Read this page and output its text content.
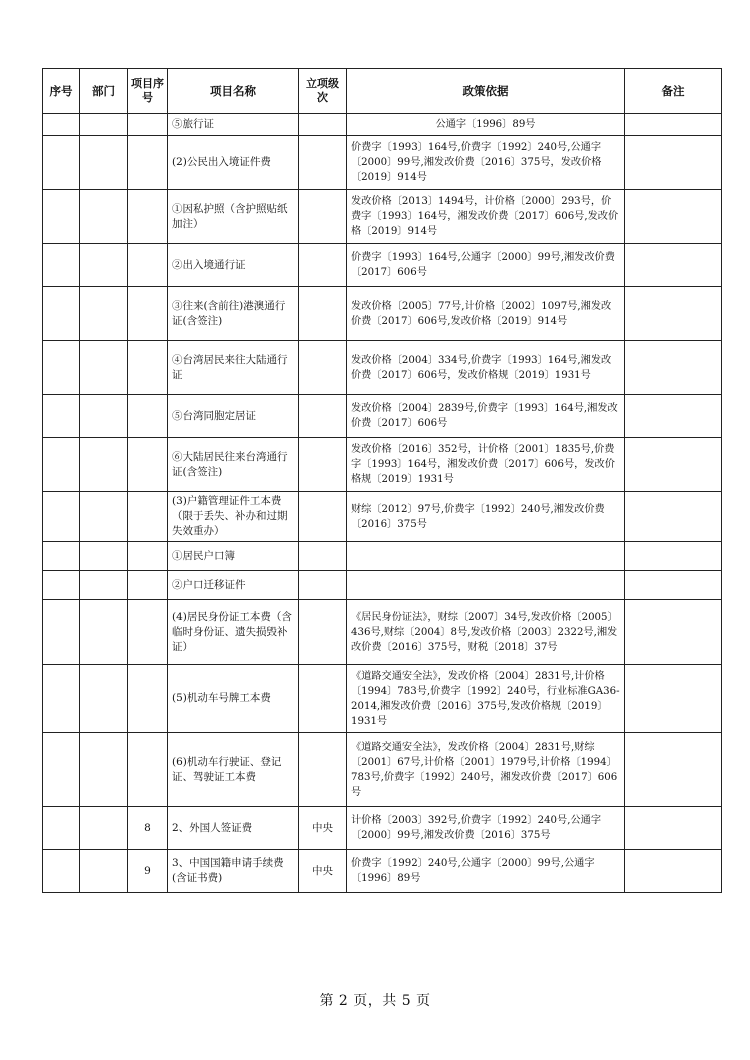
序号	部门	项目序号	项目名称	立项级次	政策依据	备注
			⑤旅行证		公通字〔1996〕89号	
			(2)公民出入境证件费		价费字〔1993〕164号,价费字〔1992〕240号,公通字〔2000〕99号,湘发改价费〔2016〕375号，发改价格〔2019〕914号	
			①因私护照（含护照贴纸加注）		发改价格〔2013〕1494号，计价格〔2000〕293号，价费字〔1993〕164号，湘发改价费〔2017〕606号,发改价格〔2019〕914号	
			②出入境通行证		价费字〔1993〕164号,公通字〔2000〕99号,湘发改价费〔2017〕606号	
			③往来(含前往)港澳通行证(含签注)		发改价格〔2005〕77号,计价格〔2002〕1097号,湘发改价费〔2017〕606号,发改价格〔2019〕914号	
			④台湾居民来往大陆通行证		发改价格〔2004〕334号,价费字〔1993〕164号,湘发改价费〔2017〕606号，发改价格规〔2019〕1931号	
			⑤台湾同胞定居证		发改价格〔2004〕2839号,价费字〔1993〕164号,湘发改价费〔2017〕606号	
			⑥大陆居民往来台湾通行证(含签注)		发改价格〔2016〕352号，计价格〔2001〕1835号,价费字〔1993〕164号，湘发改价费〔2017〕606号，发改价格规〔2019〕1931号	
			(3)户籍管理证件工本费（限于丢失、补办和过期失效重办）		财综〔2012〕97号,价费字〔1992〕240号,湘发改价费〔2016〕375号	
			①居民户口簿			
			②户口迁移证件			
			(4)居民身份证工本费（含临时身份证、遗失损毁补证）		《居民身份证法》，财综〔2007〕34号,发改价格〔2005〕436号,财综〔2004〕8号,发改价格〔2003〕2322号,湘发改价费〔2016〕375号，财税〔2018〕37号	
			(5)机动车号牌工本费		《道路交通安全法》，发改价格〔2004〕2831号,计价格〔1994〕783号,价费字〔1992〕240号，行业标准GA36-2014,湘发改价费〔2016〕375号,发改价格规〔2019〕1931号	
			(6)机动车行驶证、登记证、驾驶证工本费		《道路交通安全法》，发改价格〔2004〕2831号,财综〔2001〕67号,计价格〔2001〕1979号,计价格〔1994〕783号,价费字〔1992〕240号，湘发改价费〔2017〕606号	
		8	2、外国人签证费	中央	计价格〔2003〕392号,价费字〔1992〕240号,公通字〔2000〕99号,湘发改价费〔2016〕375号	
		9	3、中国国籍申请手续费(含证书费)	中央	价费字〔1992〕240号,公通字〔2000〕99号,公通字〔1996〕89号	
第 2 页，共 5 页
